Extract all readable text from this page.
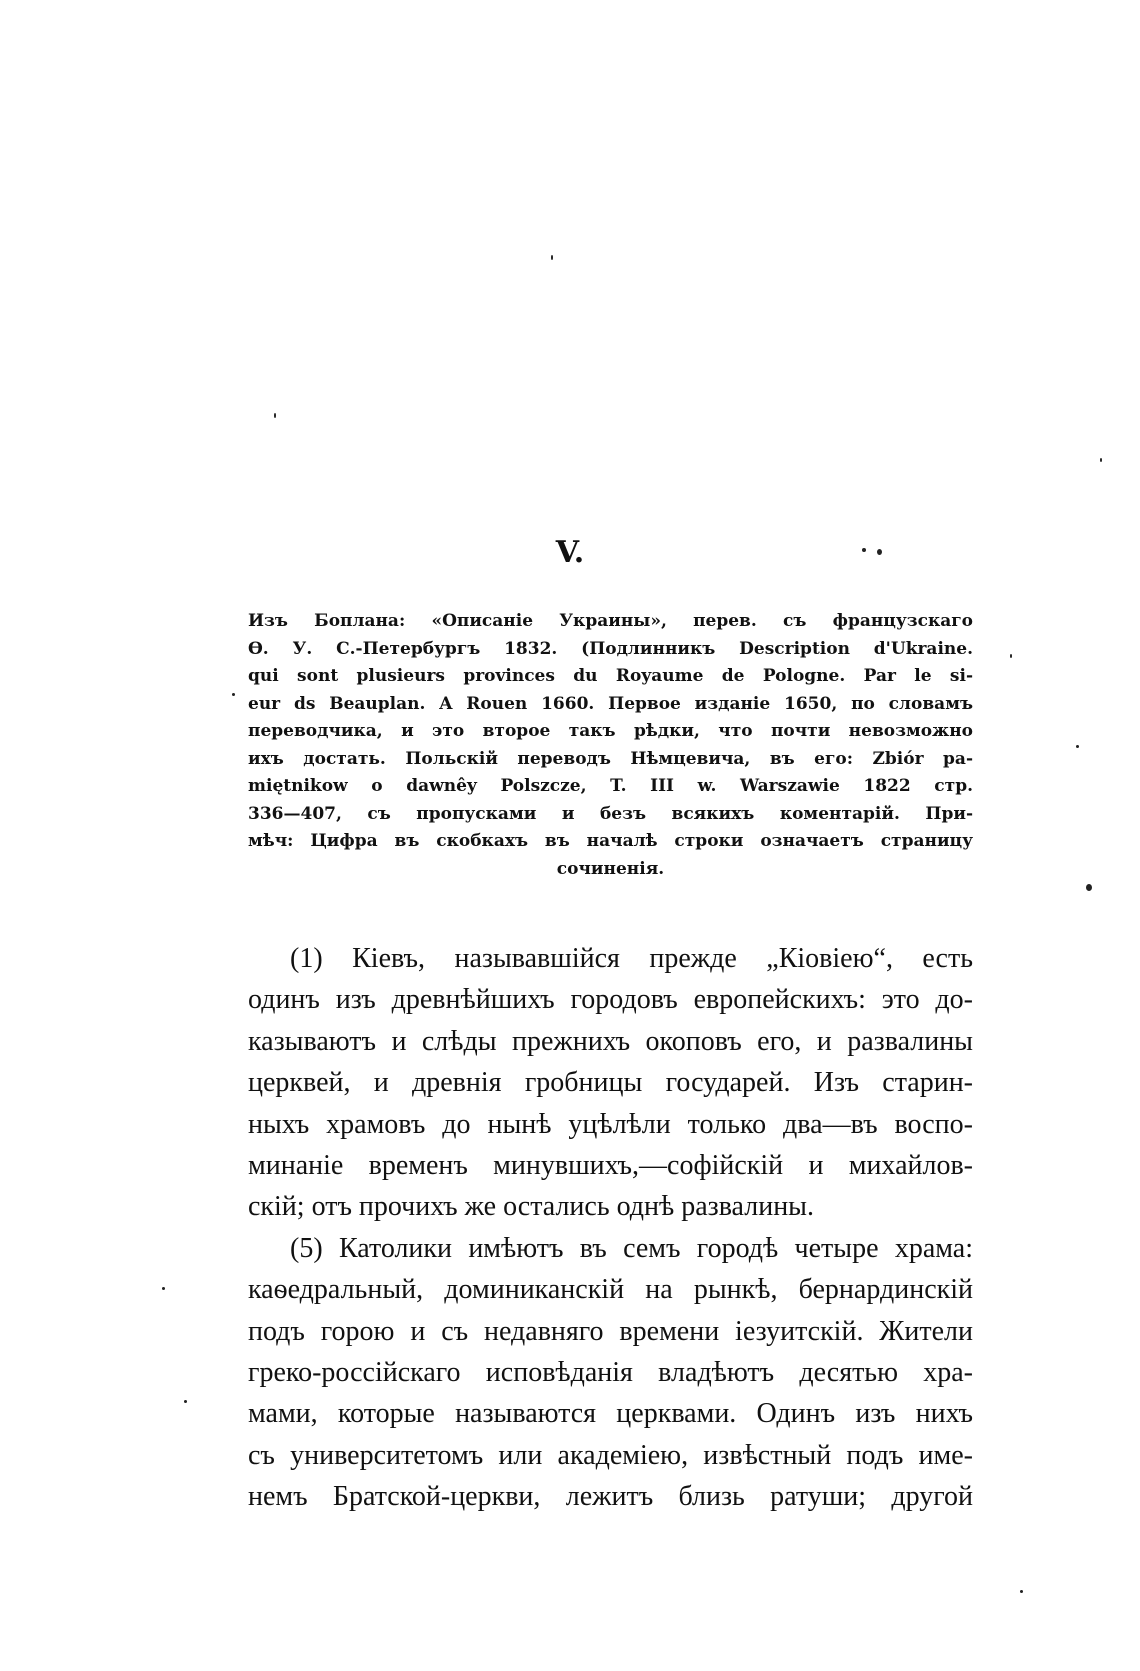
V.
Изъ Боплана: «Описаніе Украины», перев. съ французскаго
Ѳ. У. С.-Петербургъ 1832. (Подлинникъ Description d'Ukraine.
qui sont plusieurs provinces du Royaume de Pologne. Par le si-
eur ds Beauplan. A Rouen 1660. Первое изданіе 1650, по словамъ
переводчика, и это второе такъ рѣдки, что почти невозможно
ихъ достать. Польскій переводъ Нѣмцевича, въ его: Zbiór pa-
miętnikow o dawnêy Polszcze, T. III w. Warszawie 1822 стр.
336—407, съ пропусками и безъ всякихъ коментарій. При-
мѣч: Цифра въ скобкахъ въ началѣ строки означаетъ страницу
сочиненія.
(1) Кіевъ, называвшійся прежде „Кіовіею“, есть
одинъ изъ древнѣйшихъ городовъ европейскихъ: это до-
казываютъ и слѣды прежнихъ окоповъ его, и развалины
церквей, и древнія гробницы государей. Изъ старин-
ныхъ храмовъ до нынѣ уцѣлѣли только два—въ воспо-
минаніе временъ минувшихъ,—софійскій и михайлов-
скій; отъ прочихъ же остались однѣ развалины.
(5) Католики имѣютъ въ семъ городѣ четыре храма:
каѳедральный, доминиканскій на рынкѣ, бернардинскій
подъ горою и съ недавняго времени іезуитскій. Жители
греко-россійскаго исповѣданія владѣютъ десятью хра-
мами, которые называются церквами. Одинъ изъ нихъ
съ университетомъ или академіею, извѣстный подъ име-
немъ Братской-церкви, лежитъ близь ратуши; другой
